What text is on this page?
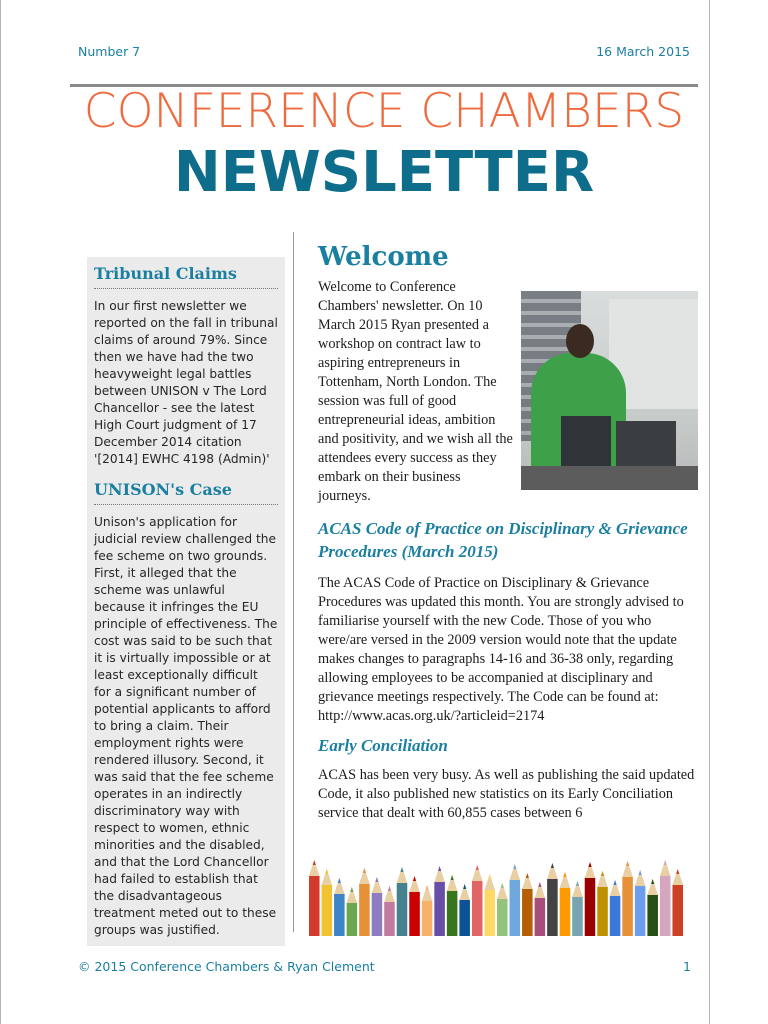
Number 7	16 March 2015
CONFERENCE CHAMBERS
NEWSLETTER
Tribunal Claims

In our first newsletter we reported on the fall in tribunal claims of around 79%. Since then we have had the two heavyweight legal battles between UNISON v The Lord Chancellor - see the latest High Court judgment of 17 December 2014 citation '[2014] EWHC 4198 (Admin)'

UNISON's Case

Unison's application for judicial review challenged the fee scheme on two grounds. First, it alleged that the scheme was unlawful because it infringes the EU principle of effectiveness. The cost was said to be such that it is virtually impossible or at least exceptionally difficult for a significant number of potential applicants to afford to bring a claim. Their employment rights were rendered illusory. Second, it was said that the fee scheme operates in an indirectly discriminatory way with respect to women, ethnic minorities and the disabled, and that the Lord Chancellor had failed to establish that the disadvantageous treatment meted out to these groups was justified.

Welcome

Welcome to Conference Chambers' newsletter. On 10 March 2015 Ryan presented a workshop on contract law to aspiring entrepreneurs in Tottenham, North London. The session was full of good entrepreneurial ideas, ambition and positivity, and we wish all the attendees every success as they embark on their business journeys.

ACAS Code of Practice on Disciplinary & Grievance Procedures (March 2015)

The ACAS Code of Practice on Disciplinary & Grievance Procedures was updated this month. You are strongly advised to familiarise yourself with the new Code. Those of you who were/are versed in the 2009 version would note that the update makes changes to paragraphs 14-16 and 36-38 only, regarding allowing employees to be accompanied at disciplinary and grievance meetings respectively. The Code can be found at: http://www.acas.org.uk/?articleid=2174

Early Conciliation

ACAS has been very busy. As well as publishing the said updated Code, it also published new statistics on its Early Conciliation service that dealt with 60,855 cases between 6

© 2015 Conference Chambers & Ryan Clement	1
